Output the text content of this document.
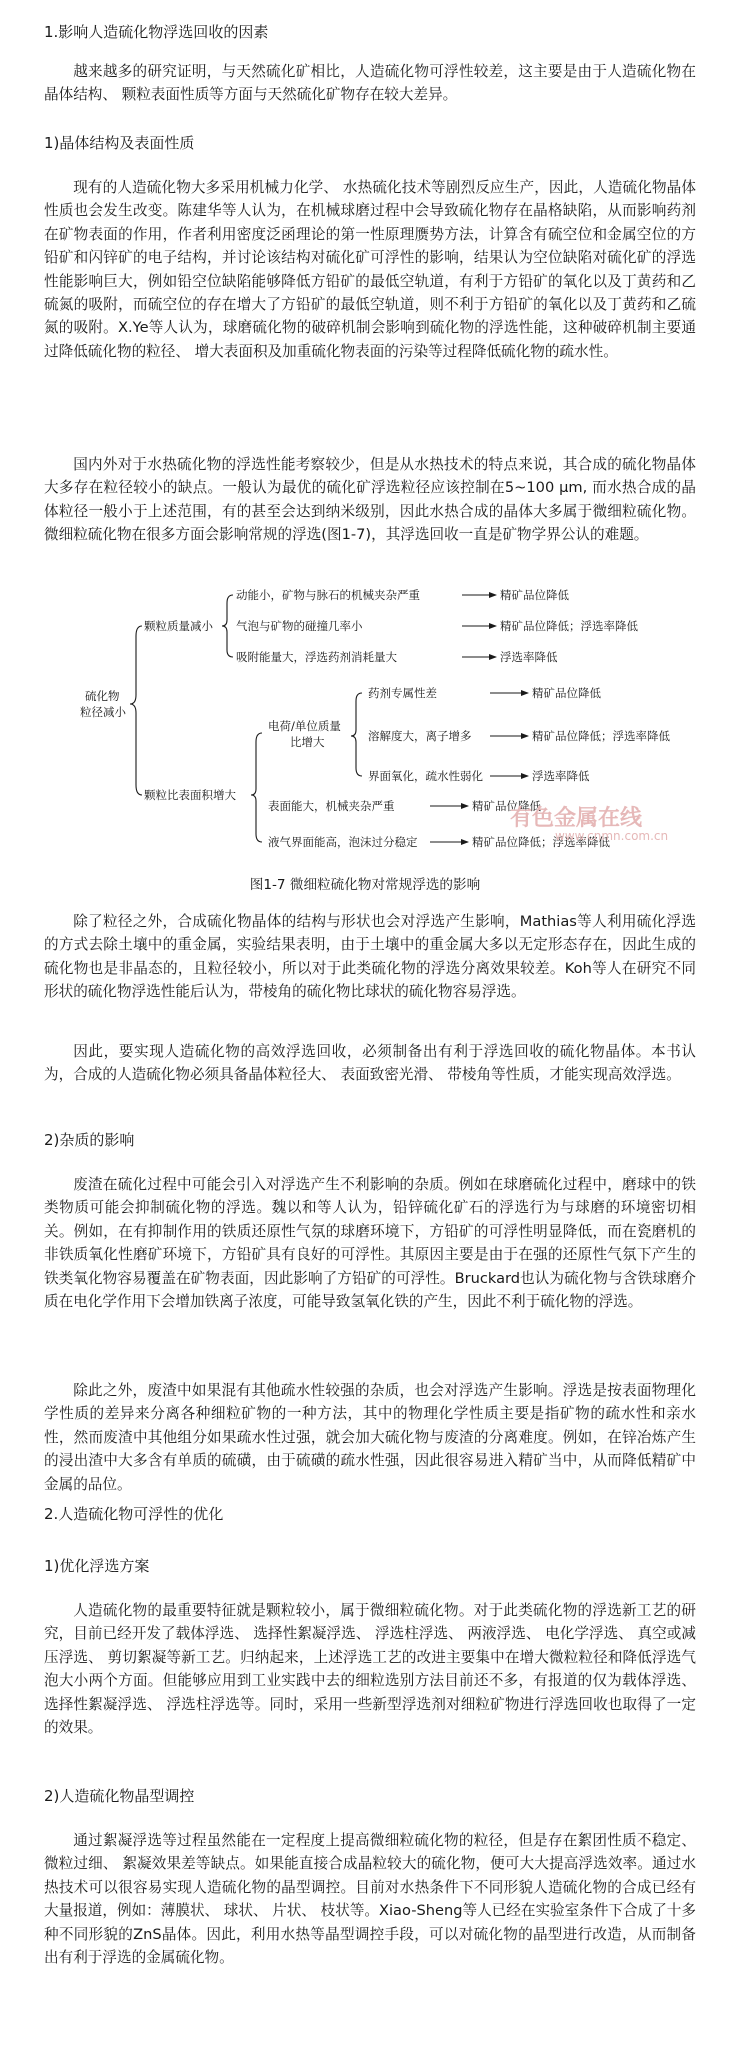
1.影响人造硫化物浮选回收的因素

越来越多的研究证明，与天然硫化矿相比，人造硫化物可浮性较差，这主要是由于人造硫化物在晶体结构、 颗粒表面性质等方面与天然硫化矿物存在较大差异。

1)晶体结构及表面性质

现有的人造硫化物大多采用机械力化学、 水热硫化技术等剧烈反应生产，因此，人造硫化物晶体性质也会发生改变。陈建华等人认为，在机械球磨过程中会导致硫化物存在晶格缺陷，从而影响药剂在矿物表面的作用，作者利用密度泛函理论的第一性原理赝势方法，计算含有硫空位和金属空位的方铅矿和闪锌矿的电子结构，并讨论该结构对硫化矿可浮性的影响，结果认为空位缺陷对硫化矿的浮选性能影响巨大，例如铅空位缺陷能够降低方铅矿的最低空轨道，有利于方铅矿的氧化以及丁黄药和乙硫氮的吸附，而硫空位的存在增大了方铅矿的最低空轨道，则不利于方铅矿的氧化以及丁黄药和乙硫氮的吸附。X.Ye等人认为，球磨硫化物的破碎机制会影响到硫化物的浮选性能，这种破碎机制主要通过降低硫化物的粒径、 增大表面积及加重硫化物表面的污染等过程降低硫化物的疏水性。

国内外对于水热硫化物的浮选性能考察较少，但是从水热技术的特点来说，其合成的硫化物晶体大多存在粒径较小的缺点。一般认为最优的硫化矿浮选粒径应该控制在5~100 μm, 而水热合成的晶体粒径一般小于上述范围，有的甚至会达到纳米级别，因此水热合成的晶体大多属于微细粒硫化物。微细粒硫化物在很多方面会影响常规的浮选(图1-7)，其浮选回收一直是矿物学界公认的难题。

硫化物
粒径减小
颗粒质量减小
动能小，矿物与脉石的机械夹杂严重	精矿品位降低
气泡与矿物的碰撞几率小	精矿品位降低；浮选率降低
吸附能量大，浮选药剂消耗量大	浮选率降低
颗粒比表面积增大
电荷/单位质量
比增大
药剂专属性差	精矿品位降低
溶解度大，离子增多	精矿品位降低；浮选率降低
界面氧化，疏水性弱化	浮选率降低
表面能大，机械夹杂严重	精矿品位降低
液气界面能高，泡沫过分稳定	精矿品位降低；浮选率降低
有色金属在线
www.cnmn.com.cn
图1-7 微细粒硫化物对常规浮选的影响

除了粒径之外，合成硫化物晶体的结构与形状也会对浮选产生影响，Mathias等人利用硫化浮选的方式去除土壤中的重金属，实验结果表明，由于土壤中的重金属大多以无定形态存在，因此生成的硫化物也是非晶态的，且粒径较小，所以对于此类硫化物的浮选分离效果较差。Koh等人在研究不同形状的硫化物浮选性能后认为，带棱角的硫化物比球状的硫化物容易浮选。

因此，要实现人造硫化物的高效浮选回收，必须制备出有利于浮选回收的硫化物晶体。本书认为，合成的人造硫化物必须具备晶体粒径大、 表面致密光滑、 带棱角等性质，才能实现高效浮选。

2)杂质的影响

废渣在硫化过程中可能会引入对浮选产生不利影响的杂质。例如在球磨硫化过程中，磨球中的铁类物质可能会抑制硫化物的浮选。魏以和等人认为，铅锌硫化矿石的浮选行为与球磨的环境密切相关。例如，在有抑制作用的铁质还原性气氛的球磨环境下，方铅矿的可浮性明显降低，而在瓷磨机的非铁质氧化性磨矿环境下，方铅矿具有良好的可浮性。其原因主要是由于在强的还原性气氛下产生的铁类氧化物容易覆盖在矿物表面，因此影响了方铅矿的可浮性。Bruckard也认为硫化物与含铁球磨介质在电化学作用下会增加铁离子浓度，可能导致氢氧化铁的产生，因此不利于硫化物的浮选。

除此之外，废渣中如果混有其他疏水性较强的杂质，也会对浮选产生影响。浮选是按表面物理化学性质的差异来分离各种细粒矿物的一种方法，其中的物理化学性质主要是指矿物的疏水性和亲水性，然而废渣中其他组分如果疏水性过强，就会加大硫化物与废渣的分离难度。例如，在锌冶炼产生的浸出渣中大多含有单质的硫磺，由于硫磺的疏水性强，因此很容易进入精矿当中，从而降低精矿中金属的品位。

2.人造硫化物可浮性的优化
1)优化浮选方案

人造硫化物的最重要特征就是颗粒较小，属于微细粒硫化物。对于此类硫化物的浮选新工艺的研究，目前已经开发了载体浮选、 选择性絮凝浮选、 浮选柱浮选、 两液浮选、 电化学浮选、 真空或减压浮选、 剪切絮凝等新工艺。归纳起来，上述浮选工艺的改进主要集中在增大微粒粒径和降低浮选气泡大小两个方面。但能够应用到工业实践中去的细粒选别方法目前还不多，有报道的仅为载体浮选、 选择性絮凝浮选、 浮选柱浮选等。同时，采用一些新型浮选剂对细粒矿物进行浮选回收也取得了一定的效果。

2)人造硫化物晶型调控

通过絮凝浮选等过程虽然能在一定程度上提高微细粒硫化物的粒径，但是存在絮团性质不稳定、 微粒过细、 絮凝效果差等缺点。如果能直接合成晶粒较大的硫化物，便可大大提高浮选效率。通过水热技术可以很容易实现人造硫化物的晶型调控。目前对水热条件下不同形貌人造硫化物的合成已经有大量报道，例如：薄膜状、 球状、 片状、 枝状等。Xiao-Sheng等人已经在实验室条件下合成了十多种不同形貌的ZnS晶体。因此，利用水热等晶型调控手段，可以对硫化物的晶型进行改造，从而制备出有利于浮选的金属硫化物。
